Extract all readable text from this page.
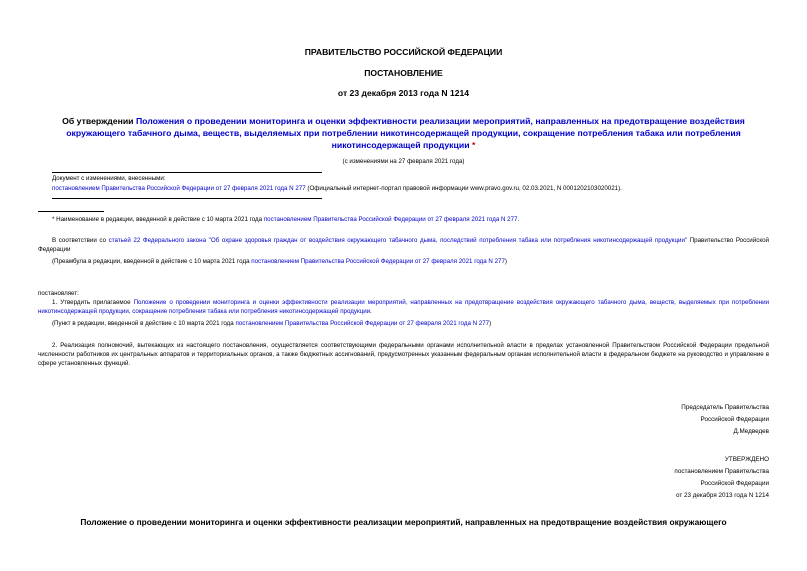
ПРАВИТЕЛЬСТВО РОССИЙСКОЙ ФЕДЕРАЦИИ
ПОСТАНОВЛЕНИЕ
от 23 декабря 2013 года N 1214
Об утверждении Положения о проведении мониторинга и оценки эффективности реализации мероприятий, направленных на предотвращение воздействия окружающего табачного дыма, веществ, выделяемых при потреблении никотинсодержащей продукции, сокращение потребления табака или потребления никотинсодержащей продукции *
(с изменениями на 27 февраля 2021 года)
Документ с изменениями, внесенными:
постановлением Правительства Российской Федерации от 27 февраля 2021 года N 277 (Официальный интернет-портал правовой информации www.pravo.gov.ru, 02.03.2021, N 0001202103020021).
* Наименование в редакции, введенной в действие с 10 марта 2021 года постановлением Правительства Российской Федерации от 27 февраля 2021 года N 277.
В соответствии со статьей 22 Федерального закона "Об охране здоровья граждан от воздействия окружающего табачного дыма, последствий потребления табака или потребления никотинсодержащей продукции" Правительство Российской Федерации
(Преамбула в редакции, введенной в действие с 10 марта 2021 года постановлением Правительства Российской Федерации от 27 февраля 2021 года N 277)
постановляет:
1. Утвердить прилагаемое Положение о проведении мониторинга и оценки эффективности реализации мероприятий, направленных на предотвращение воздействия окружающего табачного дыма, веществ, выделяемых при потреблении никотинсодержащей продукции, сокращение потребления табака или потребления никотинсодержащей продукции.
(Пункт в редакции, введенной в действие с 10 марта 2021 года постановлением Правительства Российской Федерации от 27 февраля 2021 года N 277)
2. Реализация полномочий, вытекающих из настоящего постановления, осуществляется соответствующими федеральными органами исполнительной власти в пределах установленной Правительством Российской Федерации предельной численности работников их центральных аппаратов и территориальных органов, а также бюджетных ассигнований, предусмотренных указанным федеральным органам исполнительной власти в федеральном бюджете на руководство и управление в сфере установленных функций.
Председатель Правительства
Российской Федерации
Д.Медведев
УТВЕРЖДЕНО
постановлением Правительства
Российской Федерации
от 23 декабря 2013 года N 1214
Положение о проведении мониторинга и оценки эффективности реализации мероприятий, направленных на предотвращение воздействия окружающего
